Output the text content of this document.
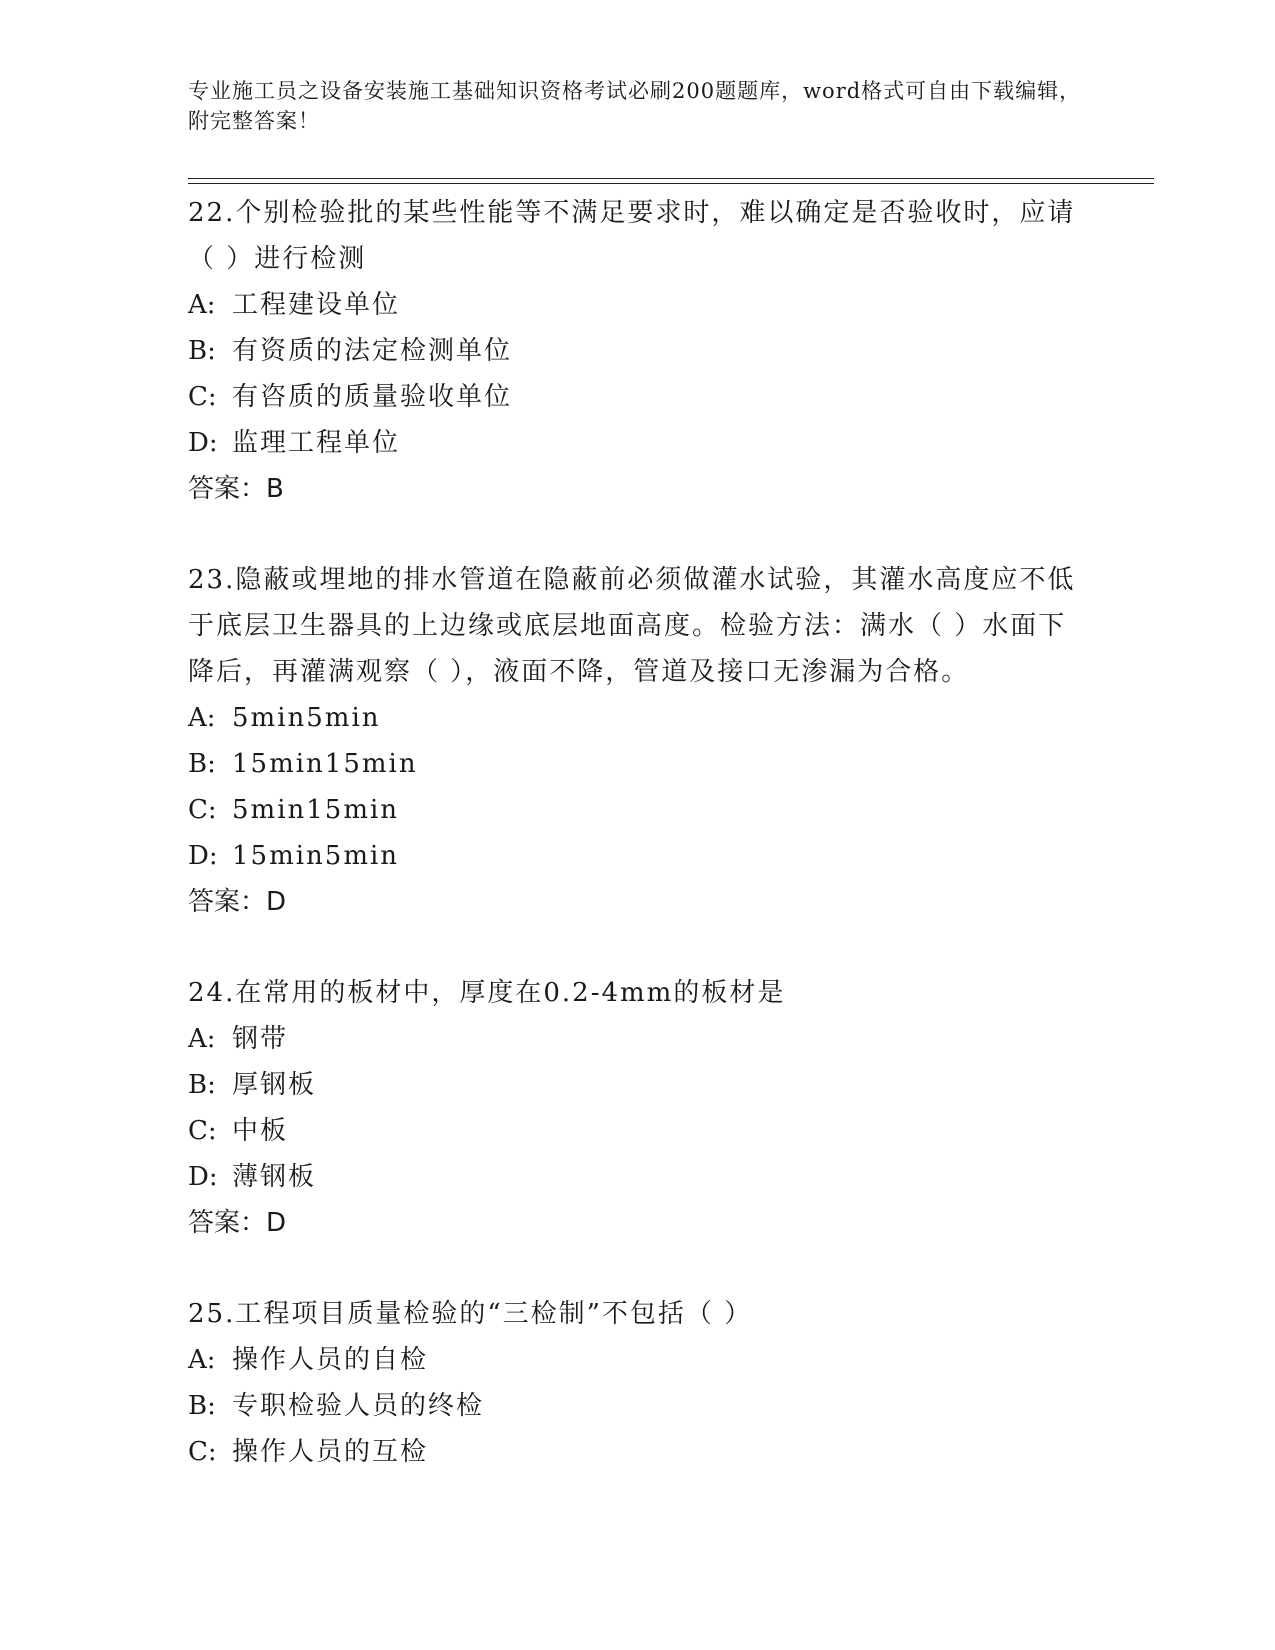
专业施工员之设备安装施工基础知识资格考试必刷200题题库，word格式可自由下载编辑，附完整答案！
22.个别检验批的某些性能等不满足要求时，难以确定是否验收时，应请（ ）进行检测
A: 工程建设单位
B: 有资质的法定检测单位
C: 有咨质的质量验收单位
D: 监理工程单位
答案：B
23.隐蔽或埋地的排水管道在隐蔽前必须做灌水试验，其灌水高度应不低于底层卫生器具的上边缘或底层地面高度。检验方法：满水（ ）水面下降后，再灌满观察（ ），液面不降，管道及接口无渗漏为合格。
A: 5min5min
B: 15min15min
C: 5min15min
D: 15min5min
答案：D
24.在常用的板材中，厚度在0.2-4mm的板材是
A: 钢带
B: 厚钢板
C: 中板
D: 薄钢板
答案：D
25.工程项目质量检验的“三检制”不包括（ ）
A: 操作人员的自检
B: 专职检验人员的终检
C: 操作人员的互检
